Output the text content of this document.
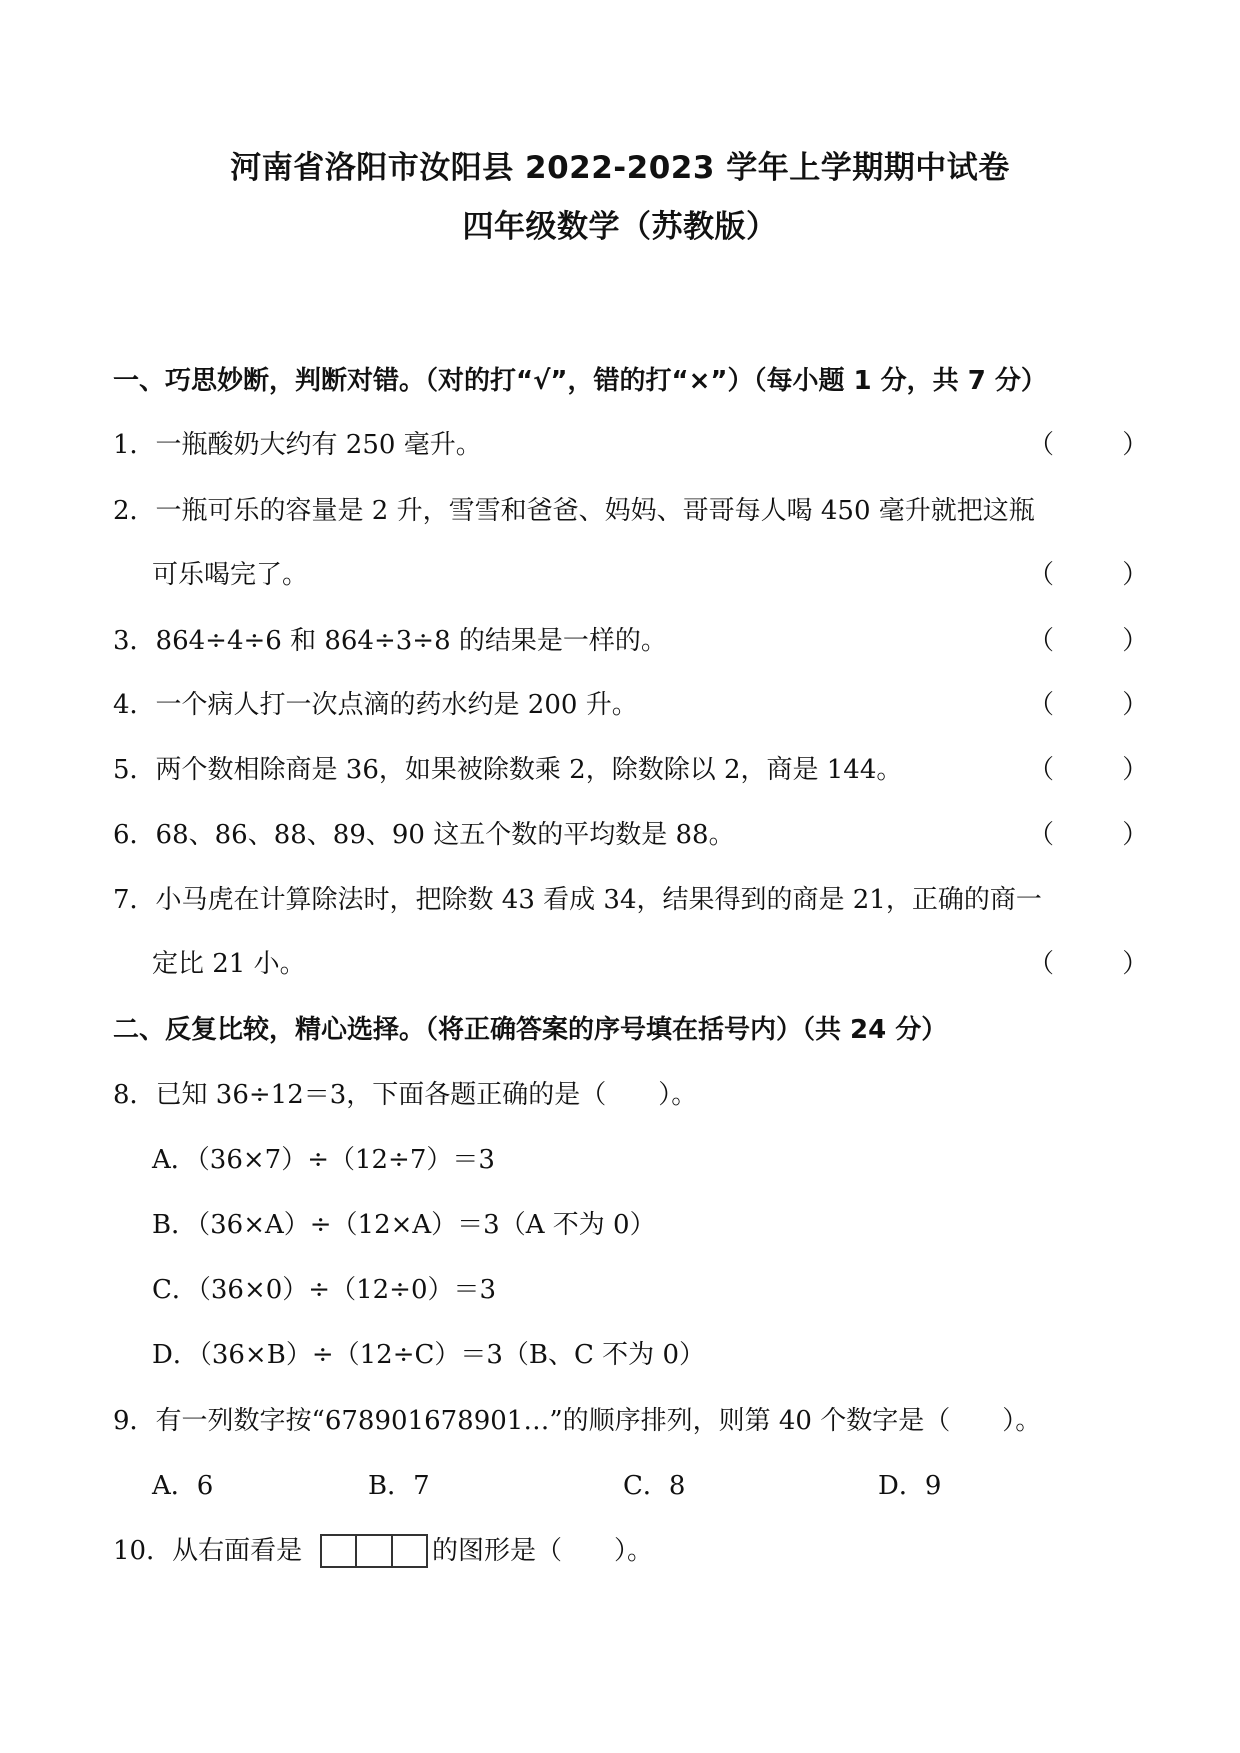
河南省洛阳市汝阳县 2022-2023 学年上学期期中试卷
四年级数学（苏教版）
一、巧思妙断，判断对错。（对的打“√”，错的打“×”）（每小题 1 分，共 7 分）
1．一瓶酸奶大约有 250 毫升。	（ ）
2．一瓶可乐的容量是 2 升，雪雪和爸爸、妈妈、哥哥每人喝 450 毫升就把这瓶
可乐喝完了。	（ ）
3．864÷4÷6 和 864÷3÷8 的结果是一样的。	（ ）
4．一个病人打一次点滴的药水约是 200 升。	（ ）
5．两个数相除商是 36，如果被除数乘 2，除数除以 2，商是 144。	（ ）
6．68、86、88、89、90 这五个数的平均数是 88。	（ ）
7．小马虎在计算除法时，把除数 43 看成 34，结果得到的商是 21，正确的商一
定比 21 小。	（ ）
二、反复比较，精心选择。（将正确答案的序号填在括号内）（共 24 分）
8．已知 36÷12＝3，下面各题正确的是（　　）。
A．（36×7）÷（12÷7）＝3
B．（36×A）÷（12×A）＝3（A 不为 0）
C．（36×0）÷（12÷0）＝3
D．（36×B）÷（12÷C）＝3（B、C 不为 0）
9．有一列数字按“678901678901…”的顺序排列，则第 40 个数字是（　　）。
A．6	B．7	C．8	D．9
10．从右面看是	的图形是（　　）。
